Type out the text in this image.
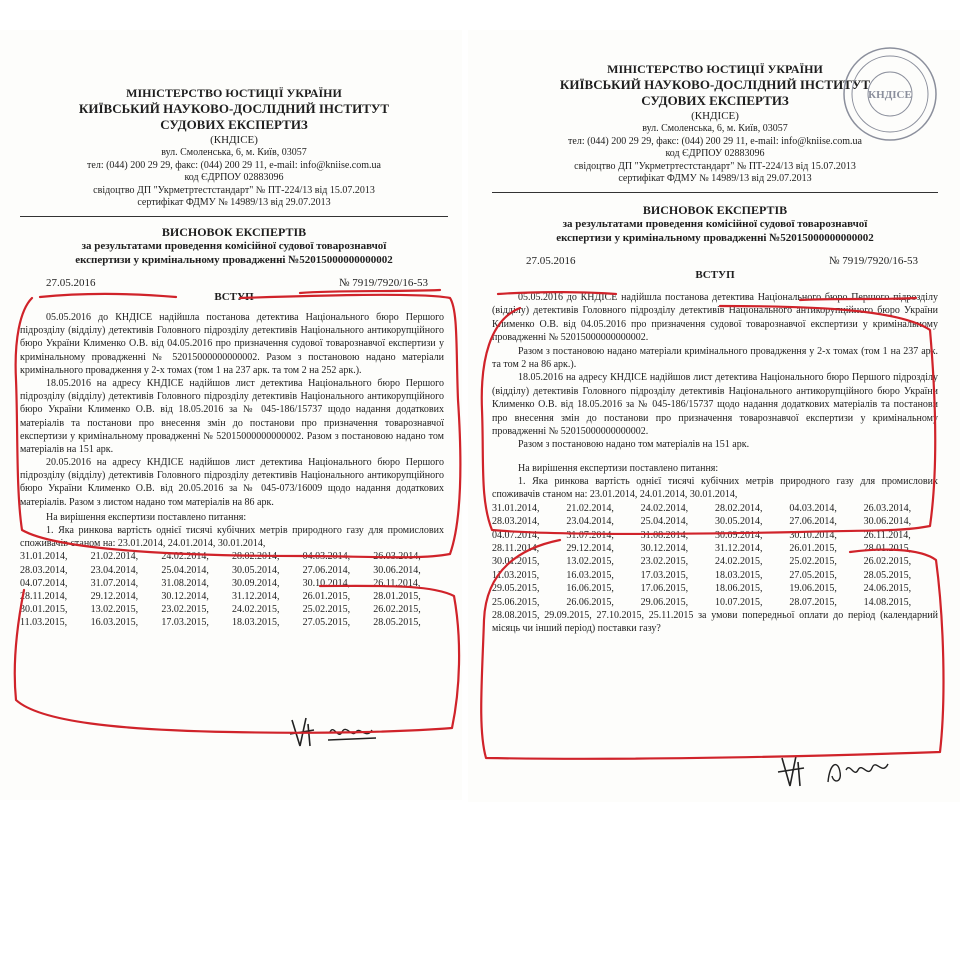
МІНІСТЕРСТВО ЮСТИЦІЇ УКРАЇНИ
КИЇВСЬКИЙ НАУКОВО-ДОСЛІДНИЙ ІНСТИТУТ
СУДОВИХ ЕКСПЕРТИЗ
(КНДІСЕ)
вул. Смоленська, 6, м. Київ, 03057
тел: (044) 200 29 29, факс: (044) 200 29 11, e-mail: info@kniise.com.ua
код ЄДРПОУ 02883096
свідоцтво ДП "Укрметртестстандарт" № ПТ-224/13 від 15.07.2013
сертифікат ФДМУ № 14989/13 від 29.07.2013
ВИСНОВОК ЕКСПЕРТІВ
за результатами проведення комісійної судової товарознавчої
експертизи у кримінальному провадженні №52015000000000002
27.05.2016	№ 7919/7920/16-53
ВСТУП

05.05.2016 до КНДІСЕ надійшла постанова детектива Національного бюро Першого підрозділу (відділу) детективів Головного підрозділу детективів Національного антикорупційного бюро України Клименко О.В. від 04.05.2016 про призначення судової товарознавчої експертизи у кримінальному провадженні № 52015000000000002. Разом з постановою надано матеріали кримінального провадження у 2-х томах (том 1 на 237 арк. та том 2 на 252 арк.).

18.05.2016 на адресу КНДІСЕ надійшов лист детектива Національного бюро Першого підрозділу (відділу) детективів Головного підрозділу детективів Національного антикорупційного бюро України Клименко О.В. від 18.05.2016 за № 045-186/15737 щодо надання додаткових матеріалів та постанови про внесення змін до постанови про призначення товарознавчої експертизи у кримінальному провадженні № 52015000000000002. Разом з постановою надано том матеріалів на 151 арк.

20.05.2016 на адресу КНДІСЕ надійшов лист детектива Національного бюро Першого підрозділу (відділу) детективів Головного підрозділу детективів Національного антикорупційного бюро України Клименко О.В. від 20.05.2016 за № 045-073/16009 щодо надання додаткових матеріалів. Разом з листом надано том матеріалів на 86 арк.

На вирішення експертизи поставлено питання:

1. Яка ринкова вартість однієї тисячі кубічних метрів природного газу для промислових споживачів станом на: 23.01.2014, 24.01.2014, 30.01.2014,

31.01.2014,	21.02.2014,	24.02.2014,	28.02.2014,	04.03.2014,	26.03.2014,
28.03.2014,	23.04.2014,	25.04.2014,	30.05.2014,	27.06.2014,	30.06.2014,
04.07.2014,	31.07.2014,	31.08.2014,	30.09.2014,	30.10.2014,	26.11.2014,
28.11.2014,	29.12.2014,	30.12.2014,	31.12.2014,	26.01.2015,	28.01.2015,
30.01.2015,	13.02.2015,	23.02.2015,	24.02.2015,	25.02.2015,	26.02.2015,
11.03.2015,	16.03.2015,	17.03.2015,	18.03.2015,	27.05.2015,	28.05.2015,
МІНІСТЕРСТВО ЮСТИЦІЇ УКРАЇНИ
КИЇВСЬКИЙ НАУКОВО-ДОСЛІДНИЙ ІНСТИТУТ
СУДОВИХ ЕКСПЕРТИЗ
(КНДІСЕ)
вул. Смоленська, 6, м. Київ, 03057
тел: (044) 200 29 29, факс: (044) 200 29 11, e-mail: info@kniise.com.ua
код ЄДРПОУ 02883096
свідоцтво ДП "Укрметртестстандарт" № ПТ-224/13 від 15.07.2013
сертифікат ФДМУ № 14989/13 від 29.07.2013
ВИСНОВОК ЕКСПЕРТІВ
за результатами проведення комісійної судової товарознавчої
експертизи у кримінальному провадженні №52015000000000002
27.05.2016	№ 7919/7920/16-53
ВСТУП

05.05.2016 до КНДІСЕ надійшла постанова детектива Національного бюро Першого підрозділу (відділу) детективів Головного підрозділу детективів Національного антикорупційного бюро України Клименко О.В. від 04.05.2016 про призначення судової товарознавчої експертизи у кримінальному провадженні № 52015000000000002.

Разом з постановою надано матеріали кримінального провадження у 2-х томах (том 1 на 237 арк. та том 2 на 86 арк.).

18.05.2016 на адресу КНДІСЕ надійшов лист детектива Національного бюро Першого підрозділу (відділу) детективів Головного підрозділу детективів Національного антикорупційного бюро України Клименко О.В. від 18.05.2016 за № 045-186/15737 щодо надання додаткових матеріалів та постанови про внесення змін до постанови про призначення товарознавчої експертизи у кримінальному провадженні № 52015000000000002.

Разом з постановою надано том матеріалів на 151 арк.

На вирішення експертизи поставлено питання:

1. Яка ринкова вартість однієї тисячі кубічних метрів природного газу для промислових споживачів станом на: 23.01.2014, 24.01.2014, 30.01.2014,

31.01.2014,	21.02.2014,	24.02.2014,	28.02.2014,	04.03.2014,	26.03.2014,
28.03.2014,	23.04.2014,	25.04.2014,	30.05.2014,	27.06.2014,	30.06.2014,
04.07.2014,	31.07.2014,	31.08.2014,	30.09.2014,	30.10.2014,	26.11.2014,
28.11.2014,	29.12.2014,	30.12.2014,	31.12.2014,	26.01.2015,	28.01.2015,
30.01.2015,	13.02.2015,	23.02.2015,	24.02.2015,	25.02.2015,	26.02.2015,
11.03.2015,	16.03.2015,	17.03.2015,	18.03.2015,	27.05.2015,	28.05.2015,
29.05.2015,	16.06.2015,	17.06.2015,	18.06.2015,	19.06.2015,	24.06.2015,
25.06.2015,	26.06.2015,	29.06.2015,	10.07.2015,	28.07.2015,	14.08.2015,

28.08.2015, 29.09.2015, 27.10.2015, 25.11.2015 за умови попередньої оплати до період (календарний місяць чи інший період) поставки газу?

КНДІСЕ
